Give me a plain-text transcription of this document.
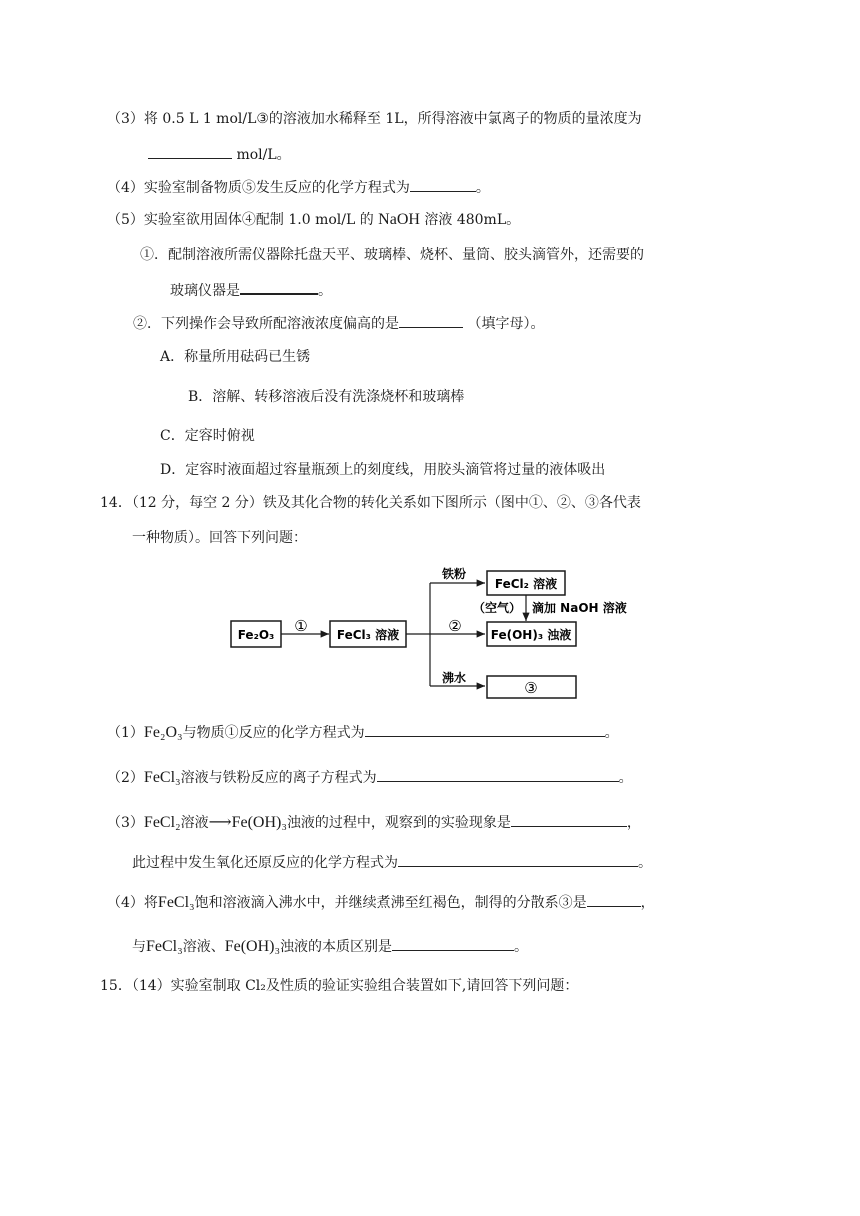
（3）将 0.5 L 1 mol/L③的溶液加水稀释至 1L，所得溶液中氯离子的物质的量浓度为
mol/L。
（4）实验室制备物质⑤发生反应的化学方程式为	。
（5）实验室欲用固体④配制 1.0 mol/L 的 NaOH 溶液 480mL。
①．配制溶液所需仪器除托盘天平、玻璃棒、烧杯、量筒、胶头滴管外，还需要的
玻璃仪器是	。
②．下列操作会导致所配溶液浓度偏高的是	（填字母）。
A．称量所用砝码已生锈
B．溶解、转移溶液后没有洗涤烧杯和玻璃棒
C．定容时俯视
D．定容时液面超过容量瓶颈上的刻度线，用胶头滴管将过量的液体吸出
14．（12 分，每空 2 分）铁及其化合物的转化关系如下图所示（图中①、②、③各代表
一种物质）。回答下列问题：
Fe₂O₃ ① FeCl₃ 溶液
铁粉
②
沸水
FeCl₂ 溶液
（空气） 滴加 NaOH 溶液
Fe(OH)₃ 浊液
③
（1）Fe₂O₃与物质①反应的化学方程式为	。
（2）FeCl₃溶液与铁粉反应的离子方程式为	。
（3）FeCl₂溶液⟶Fe(OH)₃浊液的过程中，观察到的实验现象是	，
此过程中发生氧化还原反应的化学方程式为	。
（4）将FeCl₃饱和溶液滴入沸水中，并继续煮沸至红褐色，制得的分散系③是	，
与FeCl₃溶液、Fe(OH)₃浊液的本质区别是	。
15．（14）实验室制取 Cl₂及性质的验证实验组合装置如下,请回答下列问题：
